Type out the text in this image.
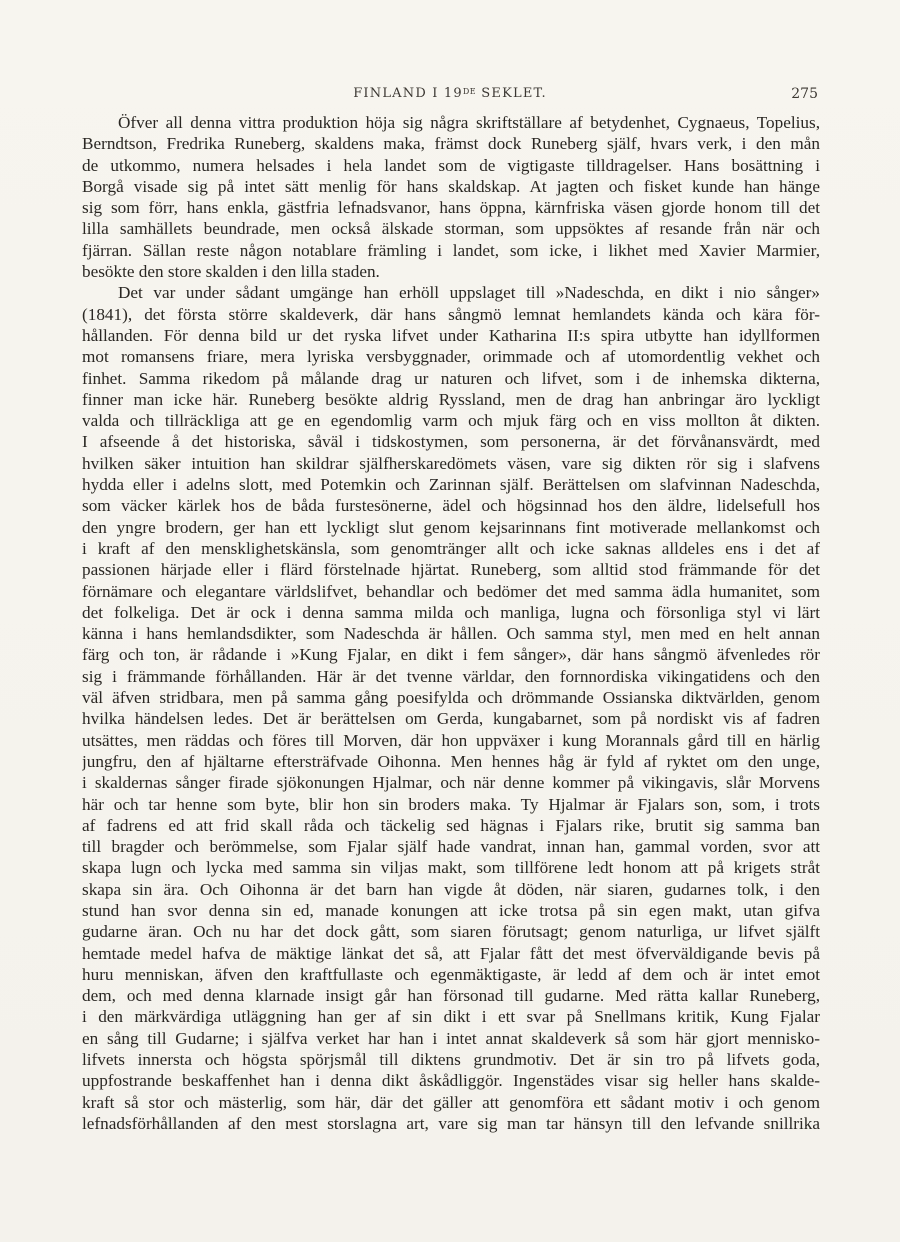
FINLAND I 19DE SEKLET.	275
Öfver all denna vittra produktion höja sig några skriftställare af betydenhet, Cygnaeus, Topelius,
Berndtson, Fredrika Runeberg, skaldens maka, främst dock Runeberg själf, hvars verk, i den mån
de utkommo, numera helsades i hela landet som de vigtigaste tilldragelser. Hans bosättning i
Borgå visade sig på intet sätt menlig för hans skaldskap. At jagten och fisket kunde han hänge
sig som förr, hans enkla, gästfria lefnadsvanor, hans öppna, kärnfriska väsen gjorde honom till det
lilla samhällets beundrade, men också älskade storman, som uppsöktes af resande från när och
fjärran. Sällan reste någon notablare främling i landet, som icke, i likhet med Xavier Marmier,
besökte den store skalden i den lilla staden.
Det var under sådant umgänge han erhöll uppslaget till »Nadeschda, en dikt i nio sånger»
(1841), det första större skaldeverk, där hans sångmö lemnat hemlandets kända och kära för-
hållanden. För denna bild ur det ryska lifvet under Katharina II:s spira utbytte han idyllformen
mot romansens friare, mera lyriska versbyggnader, orimmade och af utomordentlig vekhet och
finhet. Samma rikedom på målande drag ur naturen och lifvet, som i de inhemska dikterna,
finner man icke här. Runeberg besökte aldrig Ryssland, men de drag han anbringar äro lyckligt
valda och tillräckliga att ge en egendomlig varm och mjuk färg och en viss mollton åt dikten.
I afseende å det historiska, såväl i tidskostymen, som personerna, är det förvånansvärdt, med
hvilken säker intuition han skildrar själfherskaredömets väsen, vare sig dikten rör sig i slafvens
hydda eller i adelns slott, med Potemkin och Zarinnan själf. Berättelsen om slafvinnan Nadeschda,
som väcker kärlek hos de båda furstesönerne, ädel och högsinnad hos den äldre, lidelsefull hos
den yngre brodern, ger han ett lyckligt slut genom kejsarinnans fint motiverade mellankomst och
i kraft af den mensklighetskänsla, som genomtränger allt och icke saknas alldeles ens i det af
passionen härjade eller i flärd förstelnade hjärtat. Runeberg, som alltid stod främmande för det
förnämare och elegantare världslifvet, behandlar och bedömer det med samma ädla humanitet, som
det folkeliga. Det är ock i denna samma milda och manliga, lugna och försonliga styl vi lärt
känna i hans hemlandsdikter, som Nadeschda är hållen. Och samma styl, men med en helt annan
färg och ton, är rådande i »Kung Fjalar, en dikt i fem sånger», där hans sångmö äfvenledes rör
sig i främmande förhållanden. Här är det tvenne världar, den fornnordiska vikingatidens och den
väl äfven stridbara, men på samma gång poesifylda och drömmande Ossianska diktvärlden, genom
hvilka händelsen ledes. Det är berättelsen om Gerda, kungabarnet, som på nordiskt vis af fadren
utsättes, men räddas och föres till Morven, där hon uppväxer i kung Morannals gård till en härlig
jungfru, den af hjältarne eftersträfvade Oihonna. Men hennes håg är fyld af ryktet om den unge,
i skaldernas sånger firade sjökonungen Hjalmar, och när denne kommer på vikingavis, slår Morvens
här och tar henne som byte, blir hon sin broders maka. Ty Hjalmar är Fjalars son, som, i trots
af fadrens ed att frid skall råda och täckelig sed hägnas i Fjalars rike, brutit sig samma ban
till bragder och berömmelse, som Fjalar själf hade vandrat, innan han, gammal vorden, svor att
skapa lugn och lycka med samma sin viljas makt, som tillförene ledt honom att på krigets stråt
skapa sin ära. Och Oihonna är det barn han vigde åt döden, när siaren, gudarnes tolk, i den
stund han svor denna sin ed, manade konungen att icke trotsa på sin egen makt, utan gifva
gudarne äran. Och nu har det dock gått, som siaren förutsagt; genom naturliga, ur lifvet själft
hemtade medel hafva de mäktige länkat det så, att Fjalar fått det mest öfverväldigande bevis på
huru menniskan, äfven den kraftfullaste och egenmäktigaste, är ledd af dem och är intet emot
dem, och med denna klarnade insigt går han försonad till gudarne. Med rätta kallar Runeberg,
i den märkvärdiga utläggning han ger af sin dikt i ett svar på Snellmans kritik, Kung Fjalar
en sång till Gudarne; i själfva verket har han i intet annat skaldeverk så som här gjort mennisko-
lifvets innersta och högsta spörjsmål till diktens grundmotiv. Det är sin tro på lifvets goda,
uppfostrande beskaffenhet han i denna dikt åskådliggör. Ingenstädes visar sig heller hans skalde-
kraft så stor och mästerlig, som här, där det gäller att genomföra ett sådant motiv i och genom
lefnadsförhållanden af den mest storslagna art, vare sig man tar hänsyn till den lefvande snillrika
